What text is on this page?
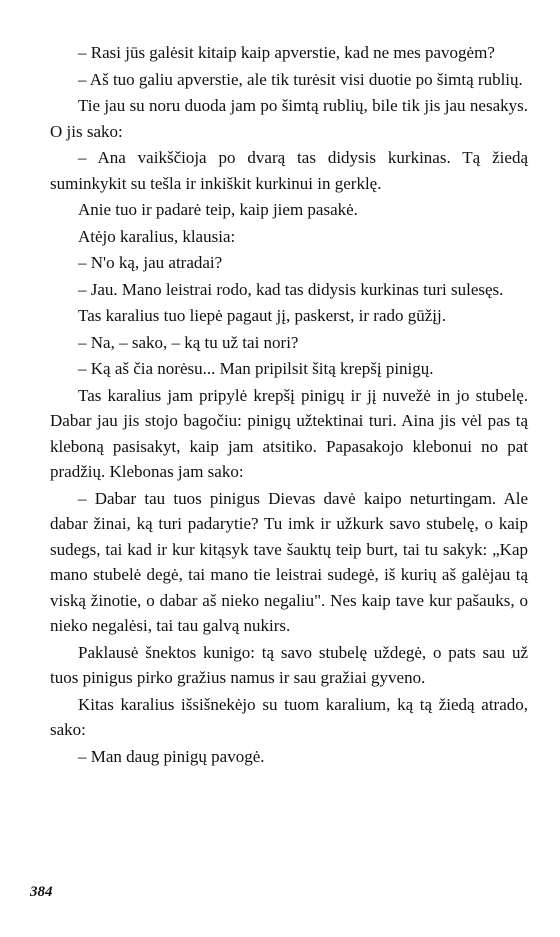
– Rasi jūs galėsit kitaip kaip apverstie, kad ne mes pavogėm?

– Aš tuo galiu apverstie, ale tik turėsit visi duotie po šimtą rublių.

Tie jau su noru duoda jam po šimtą rublių, bile tik jis jau nesakys. O jis sako:

– Ana vaikščioja po dvarą tas didysis kurkinas. Tą žiedą suminkykit su tešla ir inkiškit kurkinui in gerklę.

Anie tuo ir padarė teip, kaip jiem pasakė.

Atėjo karalius, klausia:

– N'o ką, jau atradai?

– Jau. Mano leistrai rodo, kad tas didysis kurkinas turi sulesęs.

Tas karalius tuo liepė pagaut jį, paskerst, ir rado gūžįj.

– Na, – sako, – ką tu už tai nori?

– Ką aš čia norėsu... Man pripilsit šitą krepšį pinigų.

Tas karalius jam pripylė krepšį pinigų ir jį nuvežė in jo stubelę. Dabar jau jis stojo bagočiu: pinigų užtektinai turi. Aina jis vėl pas tą kleboną pasisakyt, kaip jam atsitiko. Papasakojo klebonui no pat pradžių. Klebonas jam sako:

– Dabar tau tuos pinigus Dievas davė kaipo neturtingam. Ale dabar žinai, ką turi padarytie? Tu imk ir užkurk savo stubelę, o kaip sudegs, tai kad ir kur kitąsyk tave šauktų teip burt, tai tu sakyk: „Kap mano stubelė degė, tai mano tie leistrai sudegė, iš kurių aš galėjau tą viską žinotie, o dabar aš nieko negaliu". Nes kaip tave kur pašauks, o nieko negalėsi, tai tau galvą nukirs.

Paklausė šnektos kunigo: tą savo stubelę uždegė, o pats sau už tuos pinigus pirko gražius namus ir sau gražiai gyveno.

Kitas karalius išsišnekėjo su tuom karalium, ką tą žiedą atrado, sako:

– Man daug pinigų pavogė.

384
